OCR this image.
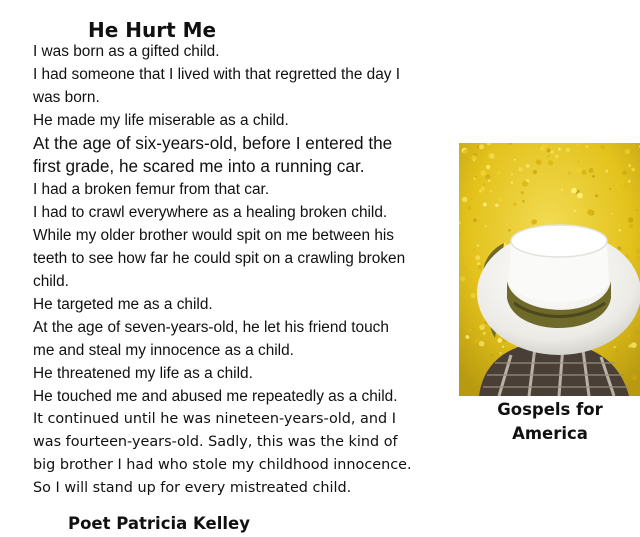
He Hurt Me
I was born as a gifted child.
I had someone that I lived with that regretted the day I
was born.
He made my life miserable as a child.
At the age of six-years-old, before I entered the
first grade, he scared me into a running car.
I had a broken femur from that car.
I had to crawl everywhere as a healing broken child.
While my older brother would spit on me between his
teeth to see how far he could spit on a crawling broken
child.
He targeted me as a child.
At the age of seven-years-old, he let his friend touch
me and steal my innocence as a child.
He threatened my life as a child.
He touched me and abused me repeatedly as a child.
It continued until he was nineteen-years-old, and I
was fourteen-years-old. Sadly, this was the kind of
big brother I had who stole my childhood innocence.
So I will stand up for every mistreated child.
Poet Patricia Kelley
Gospels for
America
